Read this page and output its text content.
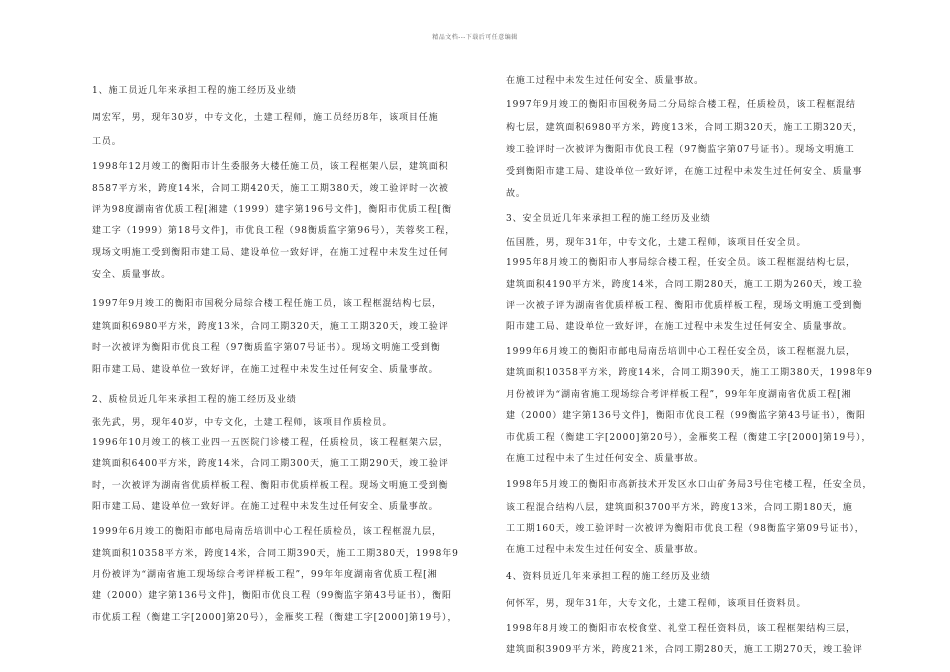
精品文档---下载后可任意编辑
1、施工员近几年来承担工程的施工经历及业绩
周宏军，男，现年30岁，中专文化，土建工程师，施工员经历8年，该项目任施
工员。
1998年12月竣工的衡阳市计生委服务大楼任施工员，该工程框架八层，建筑面积
8587平方米，跨度14米，合同工期420天，施工工期380天，竣工验评时一次被
评为98度湖南省优质工程[湘建（1999）建字第196号文件]，衡阳市优质工程[衡
建工字（1999）第18号文件]，市优良工程（98衡质监字第96号），芙蓉奖工程，
现场文明施工受到衡阳市建工局、建设单位一致好评，在施工过程中未发生过任何
安全、质量事故。
1997年9月竣工的衡阳市国税分局综合楼工程任施工员，该工程框混结构七层，
建筑面积6980平方米，跨度13米，合同工期320天，施工工期320天，竣工验评
时一次被评为衡阳市优良工程（97衡质监字第07号证书）。现场文明施工受到衡
阳市建工局、建设单位一致好评，在施工过程中未发生过任何安全、质量事故。
2、质检员近几年来承担工程的施工经历及业绩
张先武，男，现年40岁，中专文化，土建工程师，该项目作质检员。
1996年10月竣工的核工业四一五医院门诊楼工程，任质检员，该工程框架六层，
建筑面积6400平方米，跨度14米，合同工期300天，施工工期290天，竣工验评
时，一次被评为湖南省优质样板工程、衡阳市优质样板工程。现场文明施工受到衡
阳市建工局、建设单位一致好评。在施工过程中未发生过任何安全、质量事故。
1999年6月竣工的衡阳市邮电局南岳培训中心工程任质检员，该工程框混九层，
建筑面积10358平方米，跨度14米，合同工期390天，施工工期380天，1998年9
月份被评为“湖南省施工现场综合考评样板工程”，99年年度湖南省优质工程[湘
建（2000）建字第136号文件]，衡阳市优良工程（99衡监字第43号证书），衡阳
市优质工程（衡建工字[2000]第20号），金雁奖工程（衡建工字[2000]第19号），
在施工过程中未发生过任何安全、质量事故。
1997年9月竣工的衡阳市国税务局二分局综合楼工程，任质检员，该工程框混结
构七层，建筑面积6980平方米，跨度13米，合同工期320天，施工工期320天，
竣工验评时一次被评为衡阳市优良工程（97衡监字第07号证书）。现场文明施工
受到衡阳市建工局、建设单位一致好评，在施工过程中未发生过任何安全、质量事
故。
3、安全员近几年来承担工程的施工经历及业绩
伍国胜，男，现年31年，中专文化，土建工程师，该项目任安全员。
1995年8月竣工的衡阳市人事局综合楼工程，任安全员。该工程框混结构七层，
建筑面积4190平方米，跨度14米，合同工期280天，施工工期为260天，竣工验
评一次被子评为湖南省优质样板工程、衡阳市优质样板工程，现场文明施工受到衡
阳市建工局、建设单位一致好评，在施工过程中未发生过任何安全、质量事故。
1999年6月竣工的衡阳市邮电局南岳培训中心工程任安全员，该工程框混九层，
建筑面积10358平方米，跨度14米，合同工期390天，施工工期380天，1998年9
月份被评为“湖南省施工现场综合考评样板工程”，99年年度湖南省优质工程[湘
建（2000）建字第136号文件]，衡阳市优良工程（99衡监字第43号证书），衡阳
市优质工程（衡建工字[2000]第20号），金雁奖工程（衡建工字[2000]第19号），
在施工过程中未了生过任何安全、质量事故。
1998年5月竣工的衡阳市高新技术开发区水口山矿务局3号住宅楼工程，任安全员，
该工程混合结构八层，建筑面积3700平方米，跨度13米，合同工期180天，施
工工期160天，竣工验评时一次被评为衡阳市优良工程（98衡监字第09号证书），
在施工过程中未发生过任何安全、质量事故。
4、资料员近几年来承担工程的施工经历及业绩
何怀军，男，现年31年，大专文化，土建工程师，该项目任资料员。
1998年8月竣工的衡阳市农校食堂、礼堂工程任资料员，该工程框架结构三层，
建筑面积3909平方米，跨度21米，合同工期280天，施工工期270天，竣工验评
